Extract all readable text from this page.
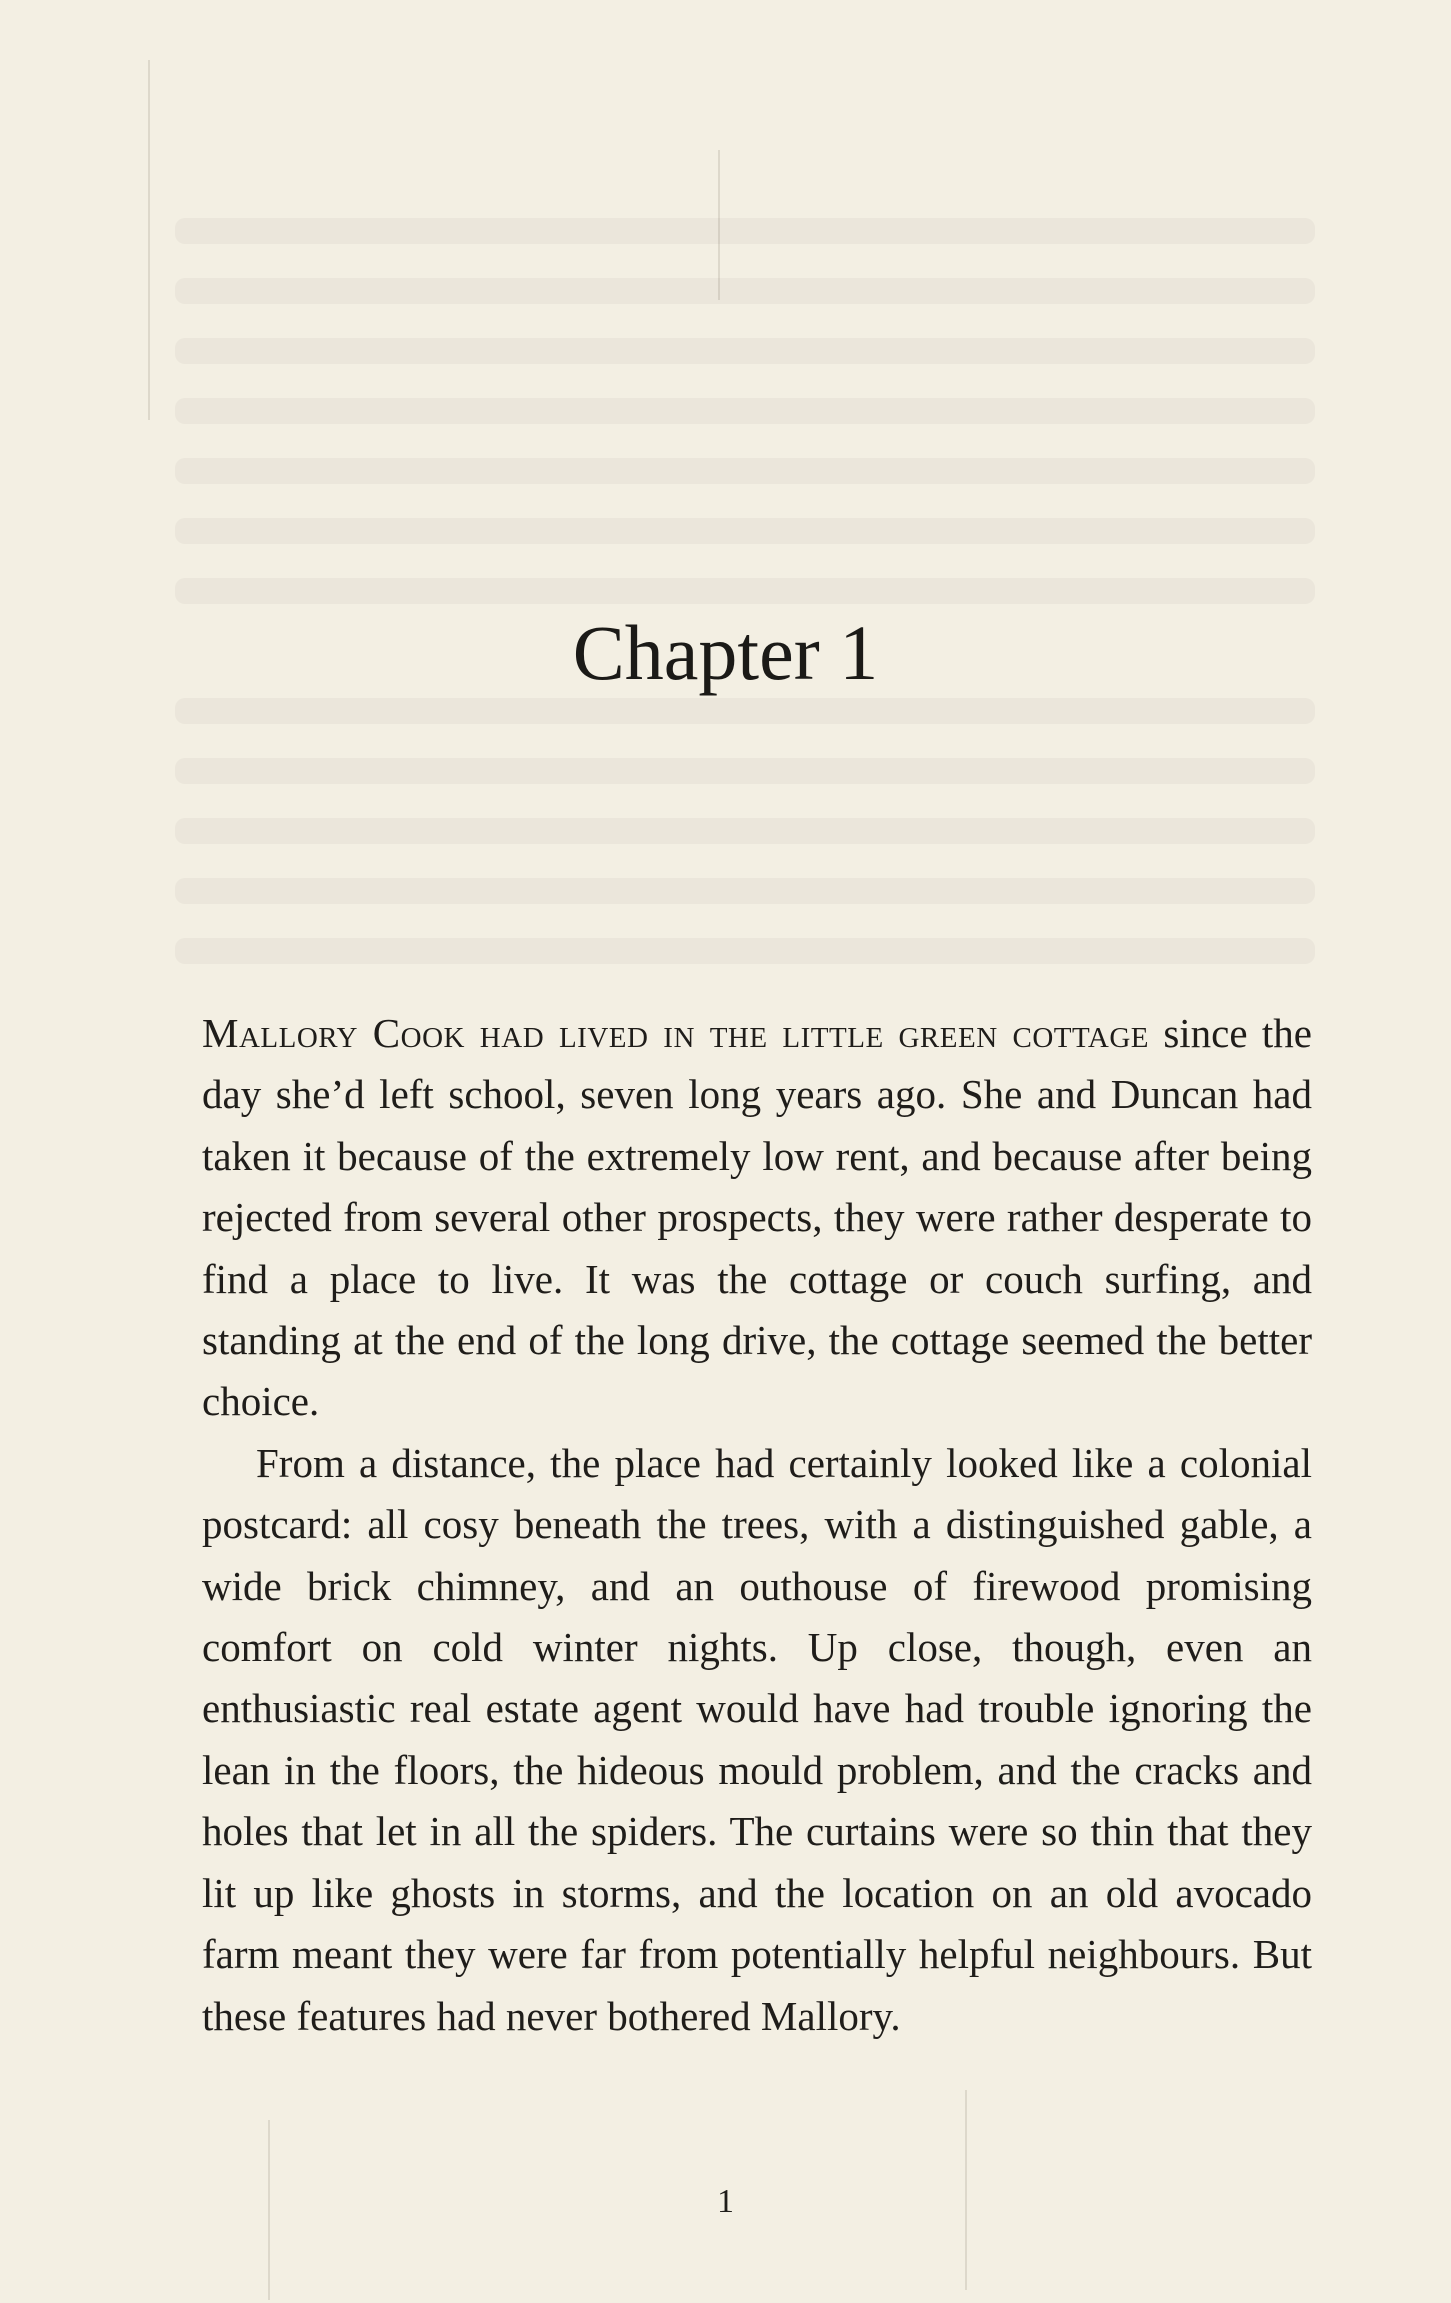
Chapter 1

Mallory Cook had lived in the little green cottage since the day she’d left school, seven long years ago. She and Duncan had taken it because of the extremely low rent, and because after being rejected from several other prospects, they were rather desperate to find a place to live. It was the cottage or couch surfing, and standing at the end of the long drive, the cottage seemed the better choice.

From a distance, the place had certainly looked like a colonial postcard: all cosy beneath the trees, with a distinguished gable, a wide brick chimney, and an outhouse of firewood promising comfort on cold winter nights. Up close, though, even an enthusiastic real estate agent would have had trouble ignoring the lean in the floors, the hideous mould problem, and the cracks and holes that let in all the spiders. The curtains were so thin that they lit up like ghosts in storms, and the location on an old avocado farm meant they were far from potentially helpful neighbours. But these features had never bothered Mallory.

1
